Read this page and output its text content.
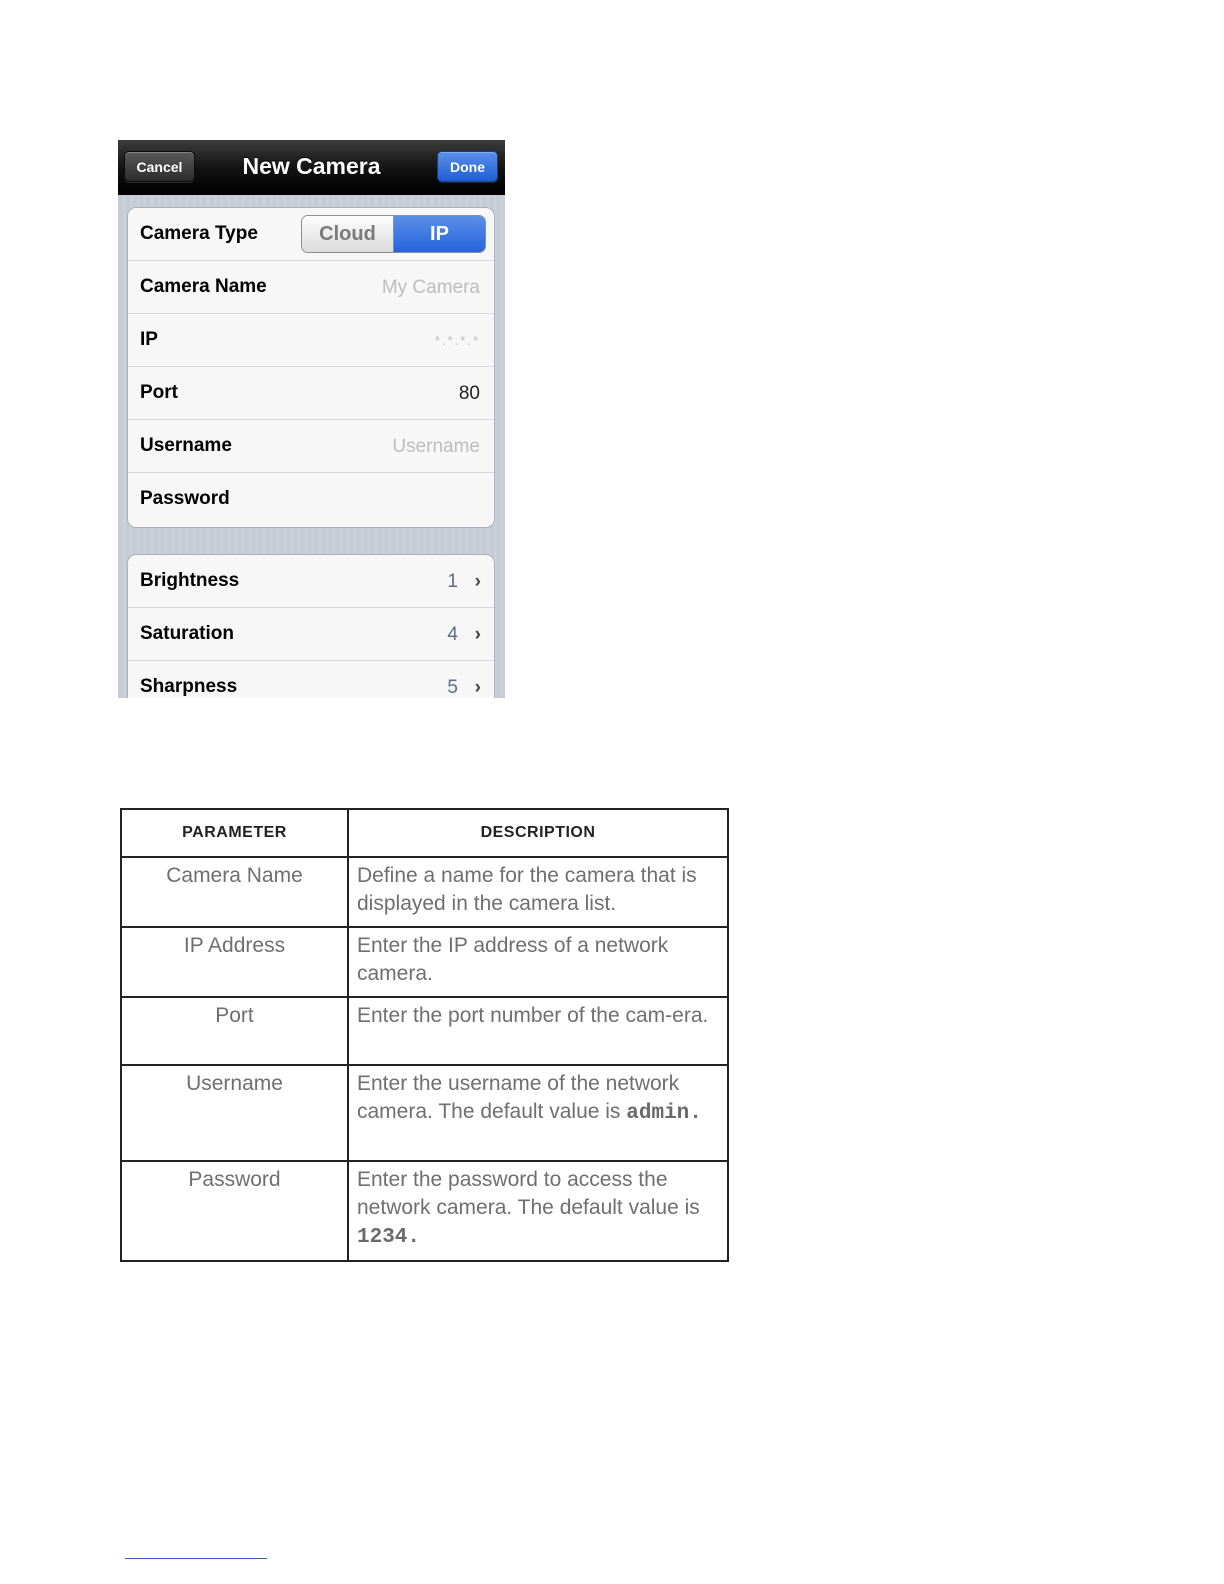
Cancel	New Camera	Done
Camera Type	Cloud	IP
Camera Name	My Camera
IP	*.*.*.*
Port	80
Username	Username
Password
Brightness	1 ›
Saturation	4 ›
Sharpness	5 ›
PARAMETER	DESCRIPTION
Camera Name	Define a name for the camera that is displayed in the camera list.
IP Address	Enter the IP address of a network camera.
Port	Enter the port number of the cam-era.
Username	Enter the username of the network camera. The default value is admin.
Password	Enter the password to access the network camera. The default value is 1234.
